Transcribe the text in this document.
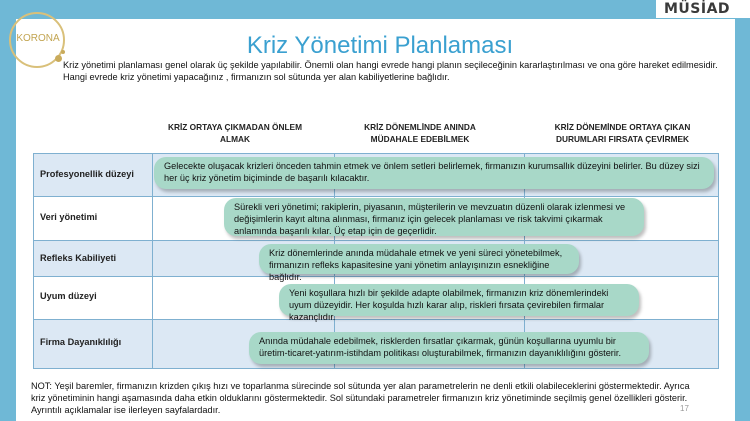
MÜSİAD
KORONA	Kriz Yönetimi Planlaması
Kriz yönetimi planlaması genel olarak üç şekilde yapılabilir. Önemli olan hangi evrede hangi planın seçileceğinin kararlaştırılması ve ona göre hareket edilmesidir. Hangi evrede kriz yönetimi yapacağınız , firmanızın sol sütunda yer alan kabiliyetlerine bağlıdır.
KRİZ ORTAYA ÇIKMADAN ÖNLEM ALMAK
KRİZ DÖNEMLİNDE ANINDA MÜDAHALE EDEBİLMEK
KRİZ DÖNEMİNDE ORTAYA ÇIKAN DURUMLARI FIRSATA ÇEVİRMEK
Profesyonellik düzeyi
Veri yönetimi
Refleks Kabiliyeti
Uyum düzeyi
Firma Dayanıklılığı
Gelecekte oluşacak krizleri önceden tahmin etmek ve önlem setleri belirlemek, firmanızın kurumsallık düzeyini belirler. Bu düzey sizi her üç kriz yönetim biçiminde de başarılı kılacaktır.
Sürekli veri yönetimi; rakiplerin, piyasanın, müşterilerin ve mevzuatın düzenli olarak izlenmesi ve değişimlerin kayıt altına alınması, firmanız için gelecek planlaması ve risk takvimi çıkarmak anlamında başarılı kılar. Üç etap için de geçerlidir.
Kriz dönemlerinde anında müdahale etmek ve yeni süreci yönetebilmek, firmanızın refleks kapasitesine yani yönetim anlayışınızın esnekliğine bağlıdır.
Yeni koşullara hızlı bir şekilde adapte olabilmek, firmanızın kriz dönemlerindeki uyum düzeyidir. Her koşulda hızlı karar alıp, riskleri fırsata çevirebilen firmalar kazançlıdır.
Anında müdahale edebilmek, risklerden fırsatlar çıkarmak, günün koşullarına uyumlu bir üretim-ticaret-yatırım-istihdam politikası oluşturabilmek, firmanızın dayanıklılığını gösterir.
NOT: Yeşil baremler, firmanızın krizden çıkış hızı ve toparlanma sürecinde sol sütunda yer alan parametrelerin ne denli etkili olabileceklerini göstermektedir. Ayrıca kriz yönetiminin hangi aşamasında daha etkin olduklarını göstermektedir. Sol sütundaki parametreler firmanızın kriz yönetiminde seçilmiş genel özellikleri gösterir. Ayrıntılı açıklamalar ise ilerleyen sayfalardadır.	17
